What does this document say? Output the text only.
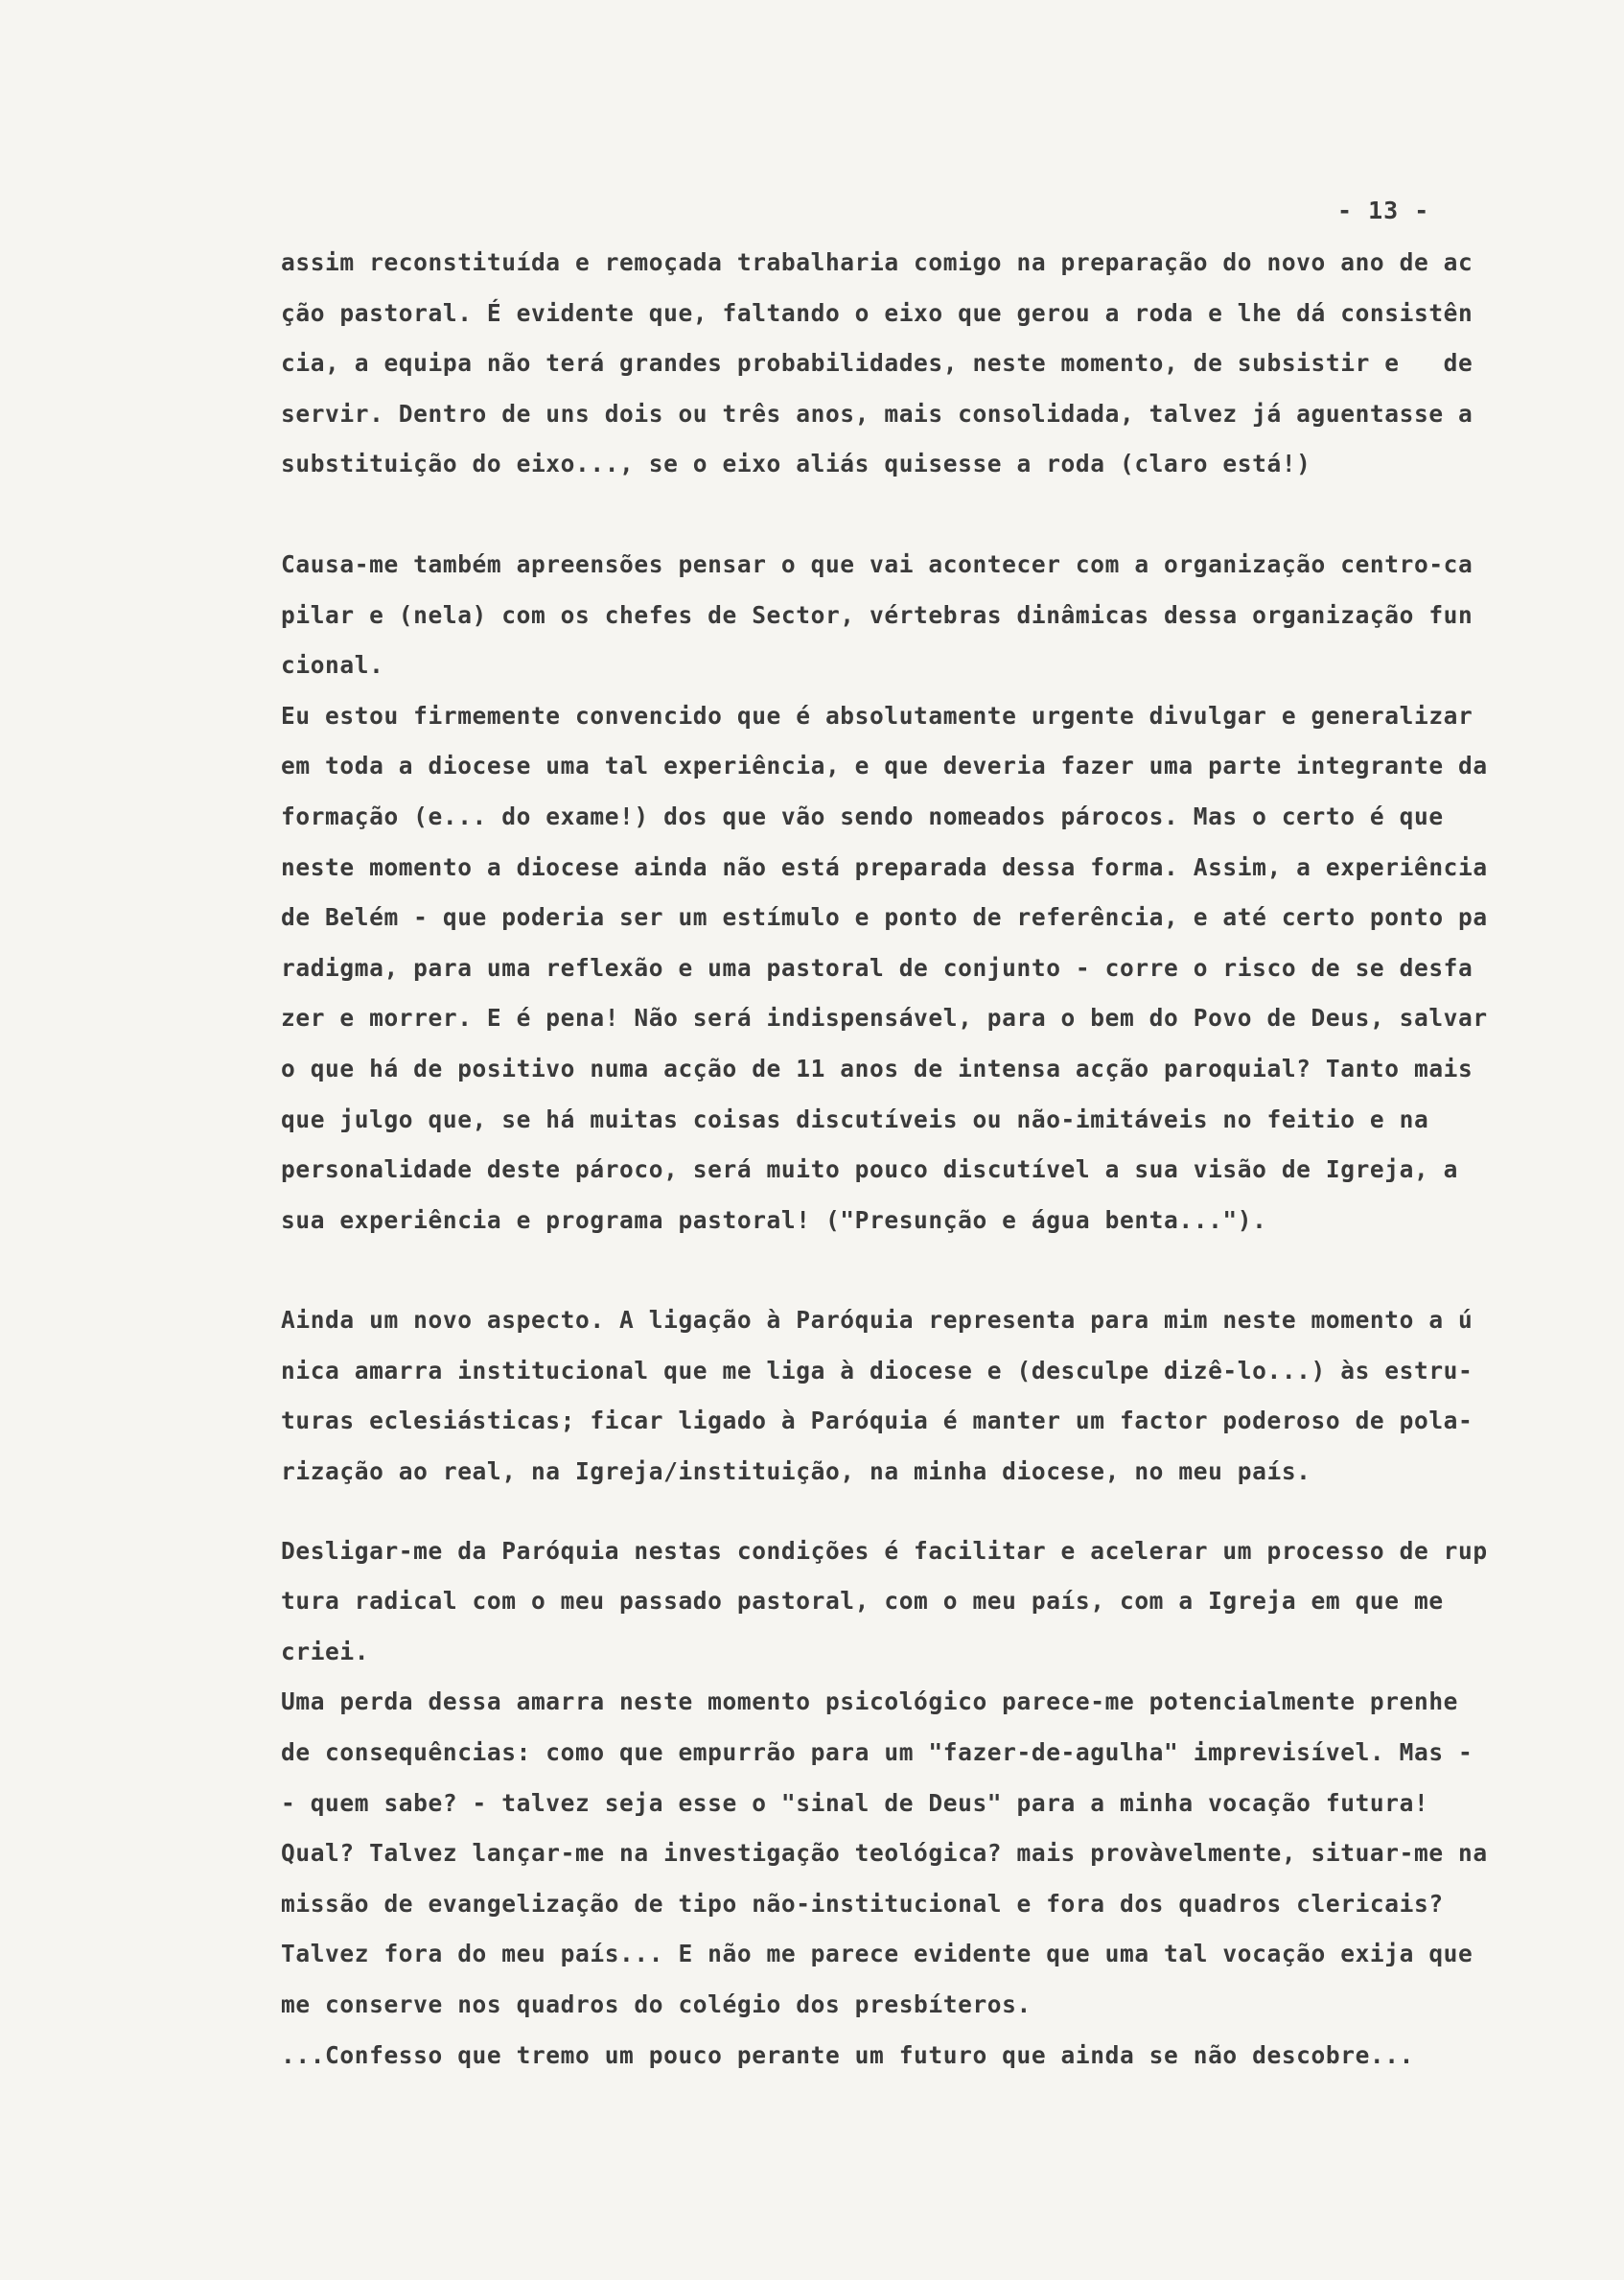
- 13 -
assim reconstituída e remoçada trabalharia comigo na preparação do novo ano de ac
ção pastoral. É evidente que, faltando o eixo que gerou a roda e lhe dá consistên
cia, a equipa não terá grandes probabilidades, neste momento, de subsistir e   de
servir. Dentro de uns dois ou três anos, mais consolidada, talvez já aguentasse a
substituição do eixo..., se o eixo aliás quisesse a roda (claro está!)
Causa-me também apreensões pensar o que vai acontecer com a organização centro-ca
pilar e (nela) com os chefes de Sector, vértebras dinâmicas dessa organização fun
cional.
Eu estou firmemente convencido que é absolutamente urgente divulgar e generalizar
em toda a diocese uma tal experiência, e que deveria fazer uma parte integrante da
formação (e... do exame!) dos que vão sendo nomeados párocos. Mas o certo é que
neste momento a diocese ainda não está preparada dessa forma. Assim, a experiência
de Belém - que poderia ser um estímulo e ponto de referência, e até certo ponto pa
radigma, para uma reflexão e uma pastoral de conjunto - corre o risco de se desfa
zer e morrer. E é pena! Não será indispensável, para o bem do Povo de Deus, salvar
o que há de positivo numa acção de 11 anos de intensa acção paroquial? Tanto mais
que julgo que, se há muitas coisas discutíveis ou não-imitáveis no feitio e na
personalidade deste pároco, será muito pouco discutível a sua visão de Igreja, a
sua experiência e programa pastoral! ("Presunção e água benta...").
Ainda um novo aspecto. A ligação à Paróquia representa para mim neste momento a ú
nica amarra institucional que me liga à diocese e (desculpe dizê-lo...) às estru-
turas eclesiásticas; ficar ligado à Paróquia é manter um factor poderoso de pola-
rização ao real, na Igreja/instituição, na minha diocese, no meu país.
Desligar-me da Paróquia nestas condições é facilitar e acelerar um processo de rup
tura radical com o meu passado pastoral, com o meu país, com a Igreja em que me
criei.
Uma perda dessa amarra neste momento psicológico parece-me potencialmente prenhe
de consequências: como que empurrão para um "fazer-de-agulha" imprevisível. Mas -
- quem sabe? - talvez seja esse o "sinal de Deus" para a minha vocação futura!
Qual? Talvez lançar-me na investigação teológica? mais provàvelmente, situar-me na
missão de evangelização de tipo não-institucional e fora dos quadros clericais?
Talvez fora do meu país... E não me parece evidente que uma tal vocação exija que
me conserve nos quadros do colégio dos presbíteros.
...Confesso que tremo um pouco perante um futuro que ainda se não descobre...
